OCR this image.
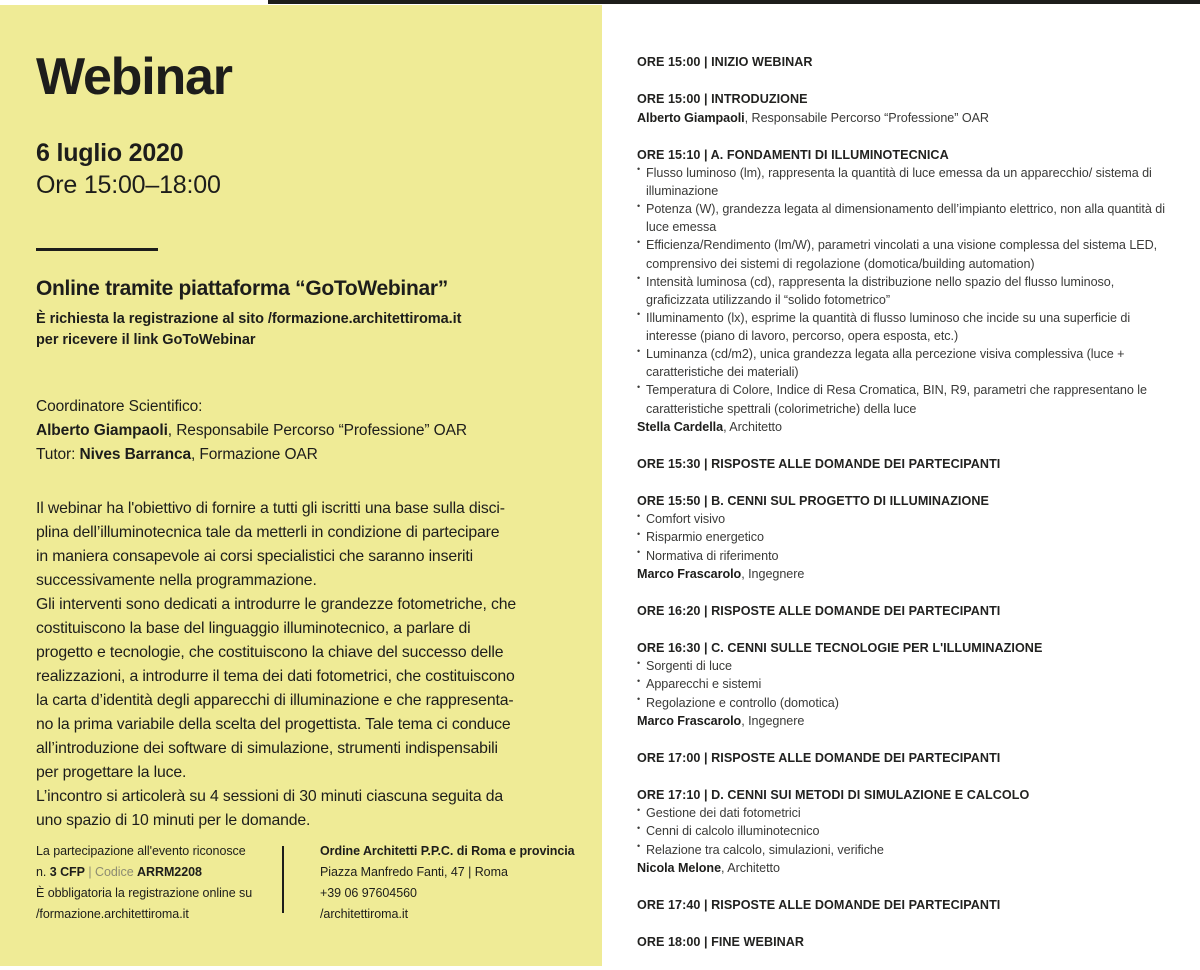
Webinar

6 luglio 2020

Ore 15:00–18:00

Online tramite piattaforma “GoToWebinar”

È richiesta la registrazione al sito /formazione.architettiroma.it
per ricevere il link GoToWebinar

Coordinatore Scientifico:
Alberto Giampaoli, Responsabile Percorso “Professione” OAR
Tutor: Nives Barranca, Formazione OAR

Il webinar ha l'obiettivo di fornire a tutti gli iscritti una base sulla disci-

plina dell’illuminotecnica tale da metterli in condizione di partecipare

in maniera consapevole ai corsi specialistici che saranno inseriti

successivamente nella programmazione.

Gli interventi sono dedicati a introdurre le grandezze fotometriche, che

costituiscono la base del linguaggio illuminotecnico, a parlare di

progetto e tecnologie, che costituiscono la chiave del successo delle

realizzazioni, a introdurre il tema dei dati fotometrici, che costituiscono

la carta d’identità degli apparecchi di illuminazione e che rappresenta-

no la prima variabile della scelta del progettista. Tale tema ci conduce

all’introduzione dei software di simulazione, strumenti indispensabili

per progettare la luce.

L’incontro si articolerà su 4 sessioni di 30 minuti ciascuna seguita da

uno spazio di 10 minuti per le domande.

La partecipazione all'evento riconosce
n. 3 CFP | Codice ARRM2208
È obbligatoria la registrazione online su
/formazione.architettiroma.it
Ordine Architetti P.P.C. di Roma e provincia
Piazza Manfredo Fanti, 47 | Roma
+39 06 97604560
/architettiroma.it
ORE 15:00 | INIZIO WEBINAR
ORE 15:00 | INTRODUZIONE
Alberto Giampaoli, Responsabile Percorso “Professione” OAR
ORE 15:10 | A. FONDAMENTI DI ILLUMINOTECNICA
• Flusso luminoso (lm), rappresenta la quantità di luce emessa da un apparecchio/ sistema di illuminazione
• Potenza (W), grandezza legata al dimensionamento dell’impianto elettrico, non alla quantità di luce emessa
• Efficienza/Rendimento (lm/W), parametri vincolati a una visione complessa del sistema LED, comprensivo dei sistemi di regolazione (domotica/building automation)
• Intensità luminosa (cd), rappresenta la distribuzione nello spazio del flusso luminoso, graficizzata utilizzando il “solido fotometrico”
• Illuminamento (lx), esprime la quantità di flusso luminoso che incide su una superficie di interesse (piano di lavoro, percorso, opera esposta, etc.)
• Luminanza (cd/m2), unica grandezza legata alla percezione visiva complessiva (luce + caratteristiche dei materiali)
• Temperatura di Colore, Indice di Resa Cromatica, BIN, R9, parametri che rappresentano le caratteristiche spettrali (colorimetriche) della luce
Stella Cardella, Architetto
ORE 15:30 | RISPOSTE ALLE DOMANDE DEI PARTECIPANTI
ORE 15:50 | B. CENNI SUL PROGETTO DI ILLUMINAZIONE
• Comfort visivo
• Risparmio energetico
• Normativa di riferimento
Marco Frascarolo, Ingegnere
ORE 16:20 | RISPOSTE ALLE DOMANDE DEI PARTECIPANTI
ORE 16:30 | C. CENNI SULLE TECNOLOGIE PER L'ILLUMINAZIONE
• Sorgenti di luce
• Apparecchi e sistemi
• Regolazione e controllo (domotica)
Marco Frascarolo, Ingegnere
ORE 17:00 | RISPOSTE ALLE DOMANDE DEI PARTECIPANTI
ORE 17:10 | D. CENNI SUI METODI DI SIMULAZIONE E CALCOLO
• Gestione dei dati fotometrici
• Cenni di calcolo illuminotecnico
• Relazione tra calcolo, simulazioni, verifiche
Nicola Melone, Architetto
ORE 17:40 | RISPOSTE ALLE DOMANDE DEI PARTECIPANTI
ORE 18:00 | FINE WEBINAR
